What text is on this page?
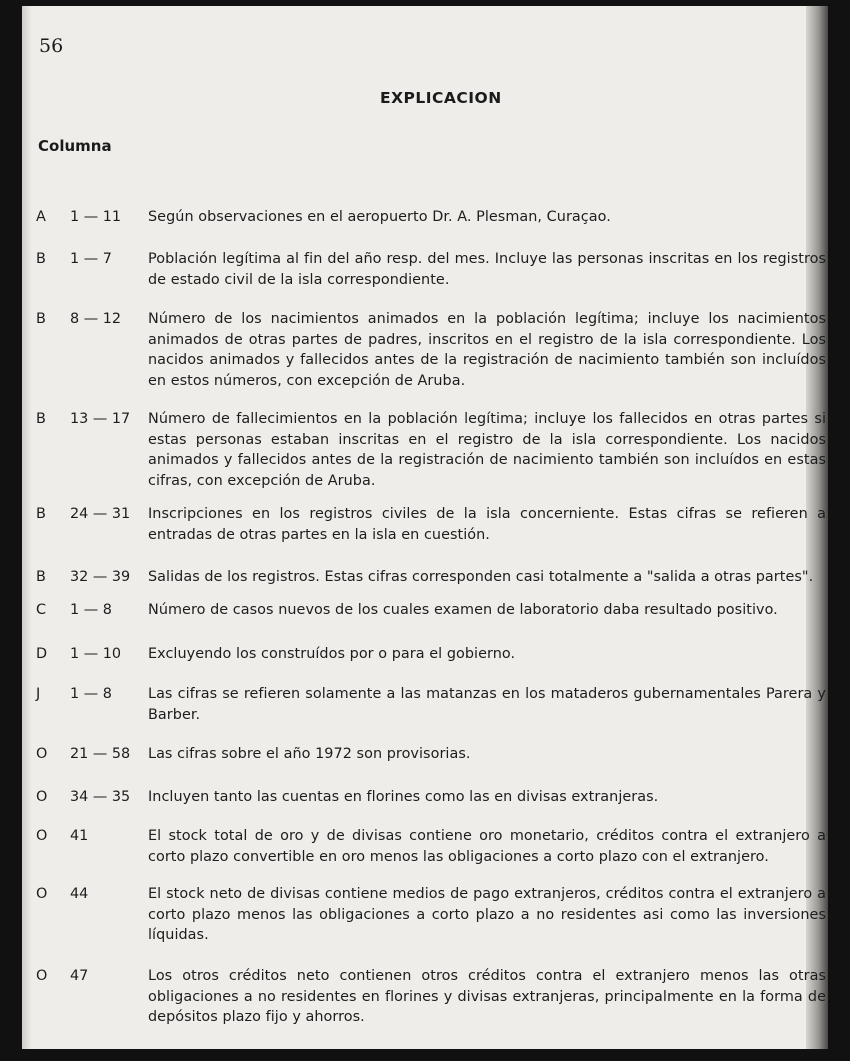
56
EXPLICACION
Columna
A 1 — 11 Según observaciones en el aeropuerto Dr. A. Plesman, Curaçao.
B 1 — 7	Población legítima al fin del año resp. del mes. Incluye las personas inscritas en los registros de estado civil de la isla correspondiente.
B 8 — 12 Número de los nacimientos animados en la población legítima; incluye los nacimientos animados de otras partes de padres, inscritos en el registro de la isla correspondiente. Los nacidos animados y fallecidos antes de la registración de nacimiento también son incluídos en estos números, con excepción de Aruba.
B 13 — 17 Número de fallecimientos en la población legítima; incluye los fallecidos en otras partes si estas personas estaban inscritas en el registro de la isla correspondiente. Los nacidos animados y fallecidos antes de la registración de nacimiento también son incluídos en estas cifras, con excepción de Aruba.
B 24 — 31 Inscripciones en los registros civiles de la isla concerniente. Estas cifras se refieren a entradas de otras partes en la isla en cuestión.
B 32 — 39 Salidas de los registros. Estas cifras corresponden casi totalmente a "salida a otras partes".
C 1 — 8	Número de casos nuevos de los cuales examen de laboratorio daba resultado positivo.
D 1 — 10 Excluyendo los construídos por o para el gobierno.
J 1 — 8	Las cifras se refieren solamente a las matanzas en los mataderos gubernamentales Parera y Barber.
O 21 — 58 Las cifras sobre el año 1972 son provisorias.
O 34 — 35 Incluyen tanto las cuentas en florines como las en divisas extranjeras.
O 41	El stock total de oro y de divisas contiene oro monetario, créditos contra el extranjero a corto plazo convertible en oro menos las obligaciones a corto plazo con el extranjero.
O 44	El stock neto de divisas contiene medios de pago extranjeros, créditos contra el extranjero a corto plazo menos las obligaciones a corto plazo a no residentes asi como las inversiones líquidas.
O 47	Los otros créditos neto contienen otros créditos contra el extranjero menos las otras obligaciones a no residentes en florines y divisas extranjeras, principalmente en la forma de depósitos plazo fijo y ahorros.
